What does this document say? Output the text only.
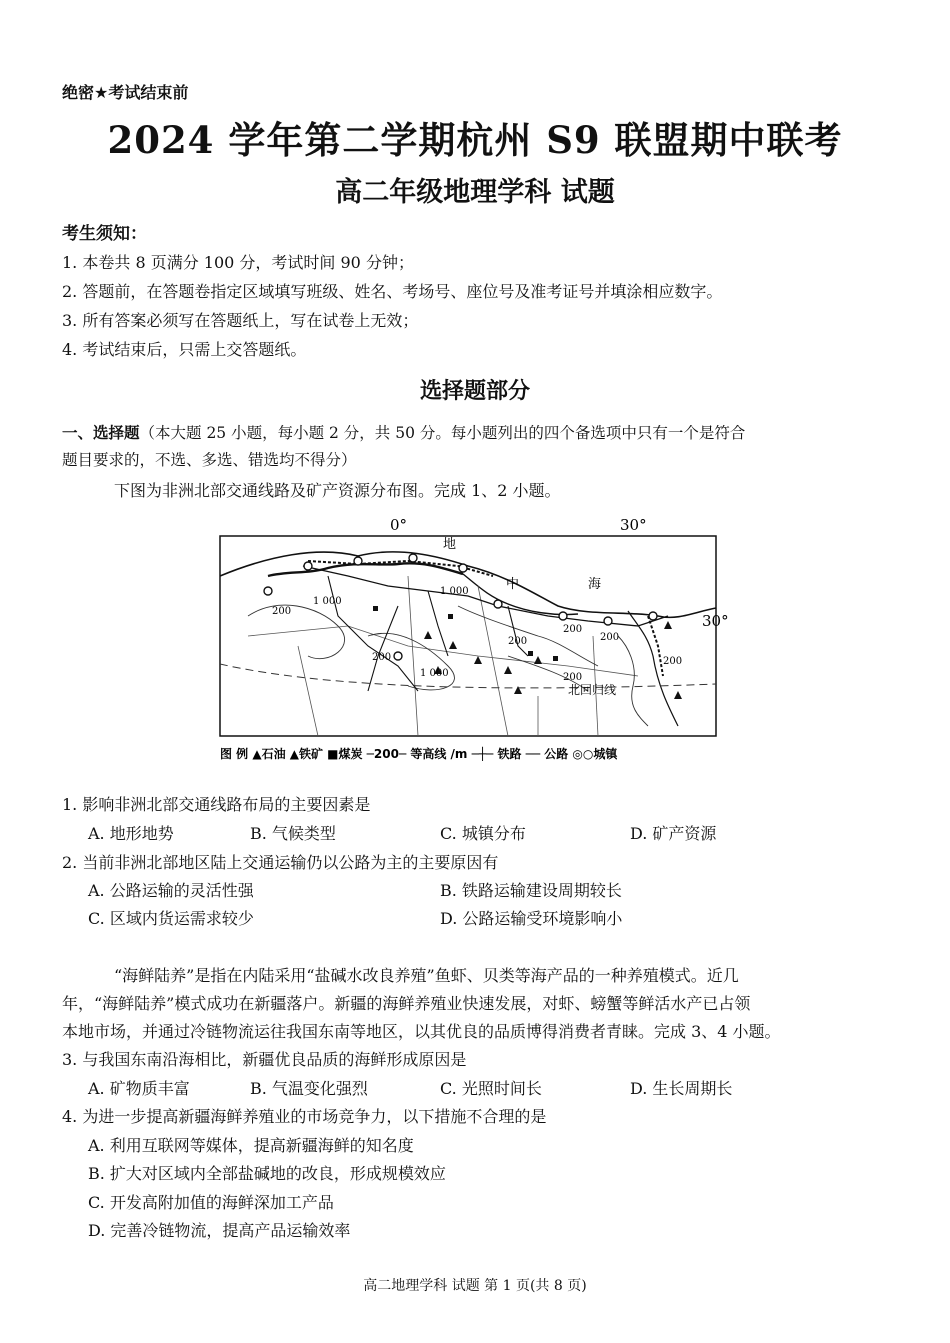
绝密★考试结束前
2024 学年第二学期杭州 S9 联盟期中联考
高二年级地理学科 试题
考生须知：
1. 本卷共 8 页满分 100 分，考试时间 90 分钟；
2. 答题前，在答题卷指定区域填写班级、姓名、考场号、座位号及准考证号并填涂相应数字。
3. 所有答案必须写在答题纸上，写在试卷上无效；
4. 考试结束后，只需上交答题纸。
选择题部分
一、选择题（本大题 25 小题，每小题 2 分，共 50 分。每小题列出的四个备选项中只有一个是符合
题目要求的，不选、多选、错选均不得分）
下图为非洲北部交通线路及矿产资源分布图。完成 1、2 小题。
0°	30°
30°
地
中	海
1 000
200
200
1 000
200
200
200
200
1 000
200
北回归线
图 例 ▲石油 ▲铁矿 ■煤炭 ─200─ 等高线 /m ─┼─ 铁路 ── 公路 ◎○城镇
1. 影响非洲北部交通线路布局的主要因素是
A. 地形地势	B. 气候类型	C. 城镇分布	D. 矿产资源
2. 当前非洲北部地区陆上交通运输仍以公路为主的主要原因有
A. 公路运输的灵活性强	B. 铁路运输建设周期较长
C. 区域内货运需求较少	D. 公路运输受环境影响小
“海鲜陆养”是指在内陆采用“盐碱水改良养殖”鱼虾、贝类等海产品的一种养殖模式。近几
年，“海鲜陆养”模式成功在新疆落户。新疆的海鲜养殖业快速发展，对虾、螃蟹等鲜活水产已占领
本地市场，并通过冷链物流运往我国东南等地区，以其优良的品质博得消费者青睐。完成 3、4 小题。
3. 与我国东南沿海相比，新疆优良品质的海鲜形成原因是
A. 矿物质丰富	B. 气温变化强烈	C. 光照时间长	D. 生长周期长
4. 为进一步提高新疆海鲜养殖业的市场竞争力，以下措施不合理的是
A. 利用互联网等媒体，提高新疆海鲜的知名度
B. 扩大对区域内全部盐碱地的改良，形成规模效应
C. 开发高附加值的海鲜深加工产品
D. 完善冷链物流，提高产品运输效率
高二地理学科 试题 第 1 页(共 8 页)
